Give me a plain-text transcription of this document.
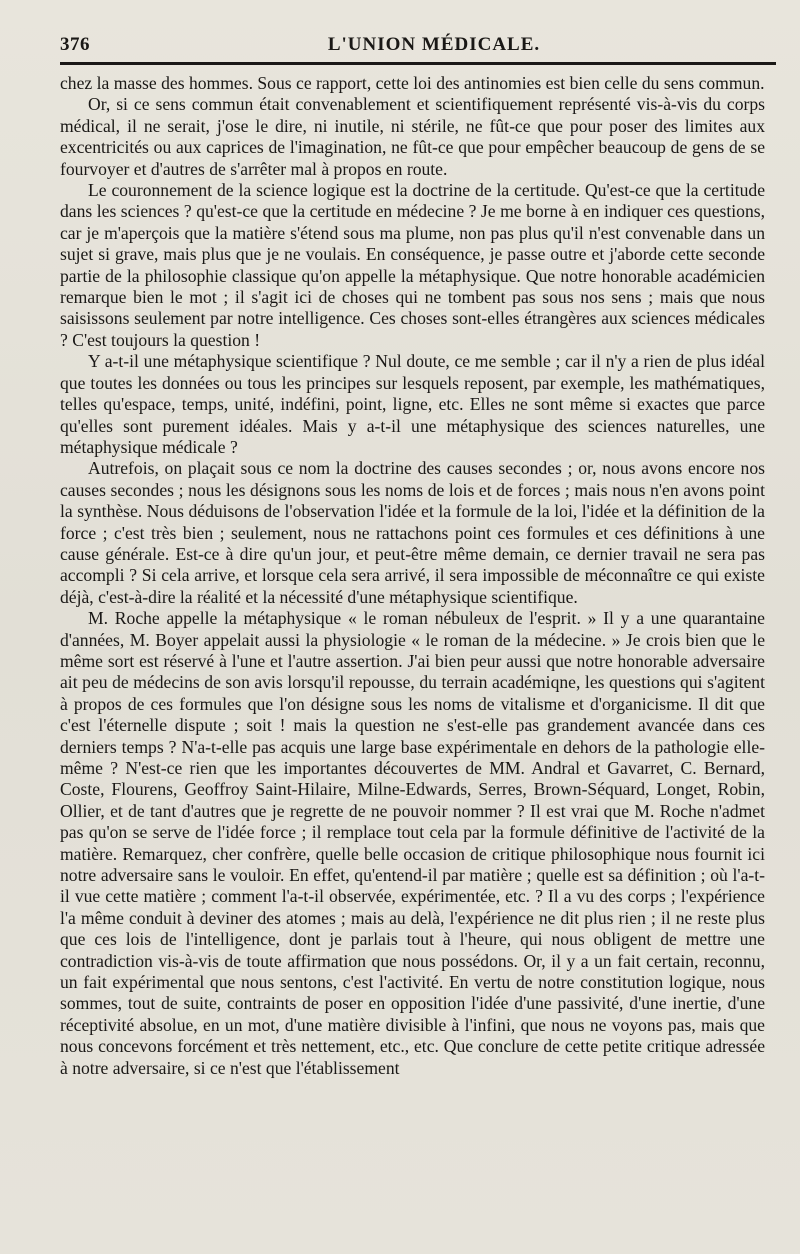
376	L'UNION MÉDICALE.

chez la masse des hommes. Sous ce rapport, cette loi des antinomies est bien celle du sens commun.

Or, si ce sens commun était convenablement et scientifiquement représenté vis-à-vis du corps médical, il ne serait, j'ose le dire, ni inutile, ni stérile, ne fût-ce que pour poser des limites aux excentricités ou aux caprices de l'imagination, ne fût-ce que pour empêcher beaucoup de gens de se fourvoyer et d'autres de s'arrêter mal à propos en route.

Le couronnement de la science logique est la doctrine de la certitude. Qu'est-ce que la certitude dans les sciences ? qu'est-ce que la certitude en médecine ? Je me borne à en indiquer ces questions, car je m'aperçois que la matière s'étend sous ma plume, non pas plus qu'il n'est convenable dans un sujet si grave, mais plus que je ne voulais. En conséquence, je passe outre et j'aborde cette seconde partie de la philosophie classique qu'on appelle la métaphysique. Que notre honorable académicien remarque bien le mot ; il s'agit ici de choses qui ne tombent pas sous nos sens ; mais que nous saisissons seulement par notre intelligence. Ces choses sont-elles étrangères aux sciences médicales ? C'est toujours la question !

Y a-t-il une métaphysique scientifique ? Nul doute, ce me semble ; car il n'y a rien de plus idéal que toutes les données ou tous les principes sur lesquels reposent, par exemple, les mathématiques, telles qu'espace, temps, unité, indéfini, point, ligne, etc. Elles ne sont même si exactes que parce qu'elles sont purement idéales. Mais y a-t-il une métaphysique des sciences naturelles, une métaphysique médicale ?

Autrefois, on plaçait sous ce nom la doctrine des causes secondes ; or, nous avons encore nos causes secondes ; nous les désignons sous les noms de lois et de forces ; mais nous n'en avons point la synthèse. Nous déduisons de l'observation l'idée et la formule de la loi, l'idée et la définition de la force ; c'est très bien ; seulement, nous ne rattachons point ces formules et ces définitions à une cause générale. Est-ce à dire qu'un jour, et peut-être même demain, ce dernier travail ne sera pas accompli ? Si cela arrive, et lorsque cela sera arrivé, il sera impossible de méconnaître ce qui existe déjà, c'est-à-dire la réalité et la nécessité d'une métaphysique scientifique.

M. Roche appelle la métaphysique « le roman nébuleux de l'esprit. » Il y a une quarantaine d'années, M. Boyer appelait aussi la physiologie « le roman de la médecine. » Je crois bien que le même sort est réservé à l'une et l'autre assertion. J'ai bien peur aussi que notre honorable adversaire ait peu de médecins de son avis lorsqu'il repousse, du terrain académiqne, les questions qui s'agitent à propos de ces formules que l'on désigne sous les noms de vitalisme et d'organicisme. Il dit que c'est l'éternelle dispute ; soit ! mais la question ne s'est-elle pas grandement avancée dans ces derniers temps ? N'a-t-elle pas acquis une large base expérimentale en dehors de la pathologie elle-même ? N'est-ce rien que les importantes découvertes de MM. Andral et Gavarret, C. Bernard, Coste, Flourens, Geoffroy Saint-Hilaire, Milne-Edwards, Serres, Brown-Séquard, Longet, Robin, Ollier, et de tant d'autres que je regrette de ne pouvoir nommer ? Il est vrai que M. Roche n'admet pas qu'on se serve de l'idée force ; il remplace tout cela par la formule définitive de l'activité de la matière. Remarquez, cher confrère, quelle belle occasion de critique philosophique nous fournit ici notre adversaire sans le vouloir. En effet, qu'entend-il par matière ; quelle est sa définition ; où l'a-t-il vue cette matière ; comment l'a-t-il observée, expérimentée, etc. ? Il a vu des corps ; l'expérience l'a même conduit à deviner des atomes ; mais au delà, l'expérience ne dit plus rien ; il ne reste plus que ces lois de l'intelligence, dont je parlais tout à l'heure, qui nous obligent de mettre une contradiction vis-à-vis de toute affirmation que nous possédons. Or, il y a un fait certain, reconnu, un fait expérimental que nous sentons, c'est l'activité. En vertu de notre constitution logique, nous sommes, tout de suite, contraints de poser en opposition l'idée d'une passivité, d'une inertie, d'une réceptivité absolue, en un mot, d'une matière divisible à l'infini, que nous ne voyons pas, mais que nous concevons forcément et très nettement, etc., etc. Que conclure de cette petite critique adressée à notre adversaire, si ce n'est que l'établissement
